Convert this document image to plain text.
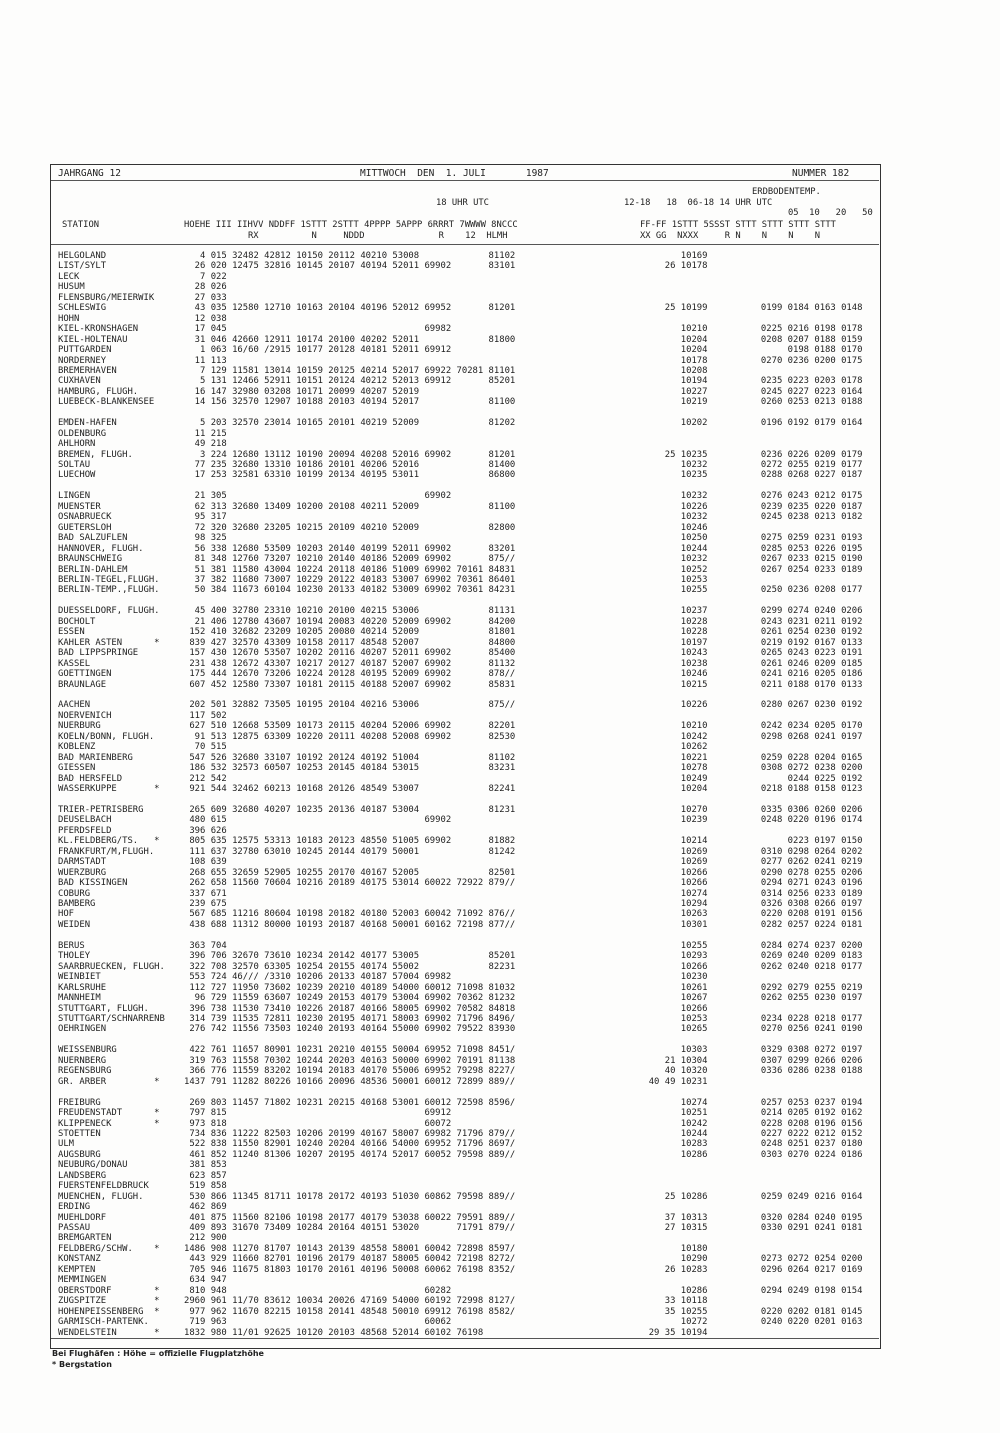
JAHRGANG 12	MITTWOCH  DEN  1. JULI       1987	NUMMER 182
ERDBODENTEMP.
18 UHR UTC	12-18   18  06-18 14 UHR UTC
05  10   20   50
STATION	HOEHE III IIHVV NDDFF 1STTT 2STTT 4PPPP 5APPP 6RRRT 7WWWW 8NCCC	FF-FF 1STTT 5SSST STTT STTT STTT STTT
RX          N     NDDD              R    12  HLMH	XX GG  NXXX     R N    N    N    N
HELGOLAND	4 015 32482 42812 10150 20112 40210 53008             81102	10169
LIST/SYLT	26 020 12475 32816 10145 20107 40194 52011 69902       83101	26 10178
LECK	7 022
HUSUM	28 026
FLENSBURG/MEIERWIK	27 033
SCHLESWIG	43 035 12580 12710 10163 20104 40196 52012 69952       81201	25 10199          0199 0184 0163 0148
HOHN	12 038
KIEL-KRONSHAGEN	17 045                                     69982	10210          0225 0216 0198 0178
KIEL-HOLTENAU	31 046 42660 12911 10174 20100 40202 52011             81800	10204          0208 0207 0188 0159
PUTTGARDEN	1 063 16/60 /2915 10177 20128 40181 52011 69912	10204               0198 0188 0170
NORDERNEY	11 113	10178          0270 0236 0200 0175
BREMERHAVEN	7 129 11581 13014 10159 20125 40214 52017 69922 70281 81101	10208
CUXHAVEN	5 131 12466 52911 10151 20124 40212 52013 69912       85201	10194          0235 0223 0203 0178
HAMBURG, FLUGH.	16 147 32980 03208 10171 20099 40207 52019	10227          0245 0227 0223 0164
LUEBECK-BLANKENSEE	14 156 32570 12907 10188 20103 40194 52017             81100	10219          0260 0253 0213 0188
EMDEN-HAFEN	5 203 32570 23014 10165 20101 40219 52009             81202	10202          0196 0192 0179 0164
OLDENBURG	11 215
AHLHORN	49 218
BREMEN, FLUGH.	3 224 12680 13112 10190 20094 40208 52016 69902       81201	25 10235          0236 0226 0209 0179
SOLTAU	77 235 32680 13310 10186 20101 40206 52016             81400	10232          0272 0255 0219 0177
LUECHOW	17 253 32581 63310 10199 20134 40195 53011             86800	10235          0288 0268 0227 0187
LINGEN	21 305                                     69902	10232          0276 0243 0212 0175
MUENSTER	62 313 32680 13409 10200 20108 40211 52009             81100	10226          0239 0235 0220 0187
OSNABRUECK	95 317	10232          0245 0238 0213 0182
GUETERSLOH	72 320 32680 23205 10215 20109 40210 52009             82800	10246
BAD SALZUFLEN	98 325	10250          0275 0259 0231 0193
HANNOVER, FLUGH.	56 338 12680 53509 10203 20140 40199 52011 69902       83201	10244          0285 0253 0226 0195
BRAUNSCHWEIG	81 348 12760 73207 10210 20140 40186 52009 69902       875//	10232          0267 0233 0215 0190
BERLIN-DAHLEM	51 381 11580 43004 10224 20118 40186 51009 69902 70161 84831	10252          0267 0254 0233 0189
BERLIN-TEGEL,FLUGH.	37 382 11680 73007 10229 20122 40183 53007 69902 70361 86401	10253
BERLIN-TEMP.,FLUGH.	50 384 11673 60104 10230 20133 40182 53009 69902 70361 84231	10255          0250 0236 0208 0177
DUESSELDORF, FLUGH.	45 400 32780 23310 10210 20100 40215 53006             81131	10237          0299 0274 0240 0206
BOCHOLT	21 406 12780 43607 10194 20083 40220 52009 69902       84200	10228          0243 0231 0211 0192
ESSEN	152 410 32682 23209 10205 20080 40214 52009             81801	10228          0261 0254 0230 0192
KAHLER ASTEN      *	839 427 32570 43309 10158 20117 48548 52007             84800	10197          0219 0192 0167 0133
BAD LIPPSPRINGE	157 430 12670 53507 10202 20116 40207 52011 69902       85400	10243          0265 0243 0223 0191
KASSEL	231 438 12672 43307 10217 20127 40187 52007 69902       81132	10238          0261 0246 0209 0185
GOETTINGEN	175 444 12670 73206 10224 20128 40195 52009 69902       878//	10246          0241 0216 0205 0186
BRAUNLAGE	607 452 12580 73307 10181 20115 40188 52007 69902       85831	10215          0211 0188 0170 0133
AACHEN	202 501 32882 73505 10195 20104 40216 53006             875//	10226          0280 0267 0230 0192
NOERVENICH	117 502
NUERBURG	627 510 12668 53509 10173 20115 40204 52006 69902       82201	10210          0242 0234 0205 0170
KOELN/BONN, FLUGH.	91 513 12875 63309 10220 20111 40208 52008 69902       82530	10242          0298 0268 0241 0197
KOBLENZ	70 515	10262
BAD MARIENBERG	547 526 32680 33107 10192 20124 40192 51004             81102	10221          0259 0228 0204 0165
GIESSEN	186 532 32573 60507 10253 20145 40184 53015             83231	10278          0308 0272 0238 0200
BAD HERSFELD	212 542	10249               0244 0225 0192
WASSERKUPPE       *	921 544 32462 60213 10168 20126 48549 53007             82241	10204          0218 0188 0158 0123
TRIER-PETRISBERG	265 609 32680 40207 10235 20136 40187 53004             81231	10270          0335 0306 0260 0206
DEUSELBACH	480 615                                     69902	10239          0248 0220 0196 0174
PFERDSFELD	396 626
KL.FELDBERG/TS.   *	805 635 12575 53313 10183 20123 48550 51005 69902       81882	10214               0223 0197 0150
FRANKFURT/M,FLUGH.	111 637 32780 63010 10245 20144 40179 50001             81242	10269          0310 0298 0264 0202
DARMSTADT	108 639	10269          0277 0262 0241 0219
WUERZBURG	268 655 32659 52905 10255 20170 40167 52005             82501	10266          0290 0278 0255 0206
BAD KISSINGEN	262 658 11560 70604 10216 20189 40175 53014 60022 72922 879//	10266          0294 0271 0243 0196
COBURG	337 671	10274          0314 0256 0233 0189
BAMBERG	239 675	10294          0326 0308 0266 0197
HOF	567 685 11216 80604 10198 20182 40180 52003 60042 71092 876//	10263          0220 0208 0191 0156
WEIDEN	438 688 11312 80000 10193 20187 40168 50001 60162 72198 877//	10301          0282 0257 0224 0181
BERUS	363 704	10255          0284 0274 0237 0200
THOLEY	396 706 32670 73610 10234 20142 40177 53005             85201	10293          0269 0240 0209 0183
SAARBRUECKEN, FLUGH. 322 708 32570 63305 10254 20155 40174 55002             82231	10266          0262 0240 0218 0177
WEINBIET	553 724 46/// /3310 10206 20133 40187 57004 69982	10230
KARLSRUHE	112 727 11950 73602 10239 20210 40189 54000 60012 71098 81032	10261          0292 0279 0255 0219
MANNHEIM	96 729 11559 63607 10249 20153 40179 53004 69902 70362 81232	10267          0262 0255 0230 0197
STUTTGART, FLUGH.	396 738 11530 73410 10226 20187 40166 58005 69902 70582 84818	10266
STUTTGART/SCHNARRENB 314 739 11535 72811 10230 20195 40171 58003 69902 71796 8496/	10253          0234 0228 0218 0177
OEHRINGEN	276 742 11556 73503 10240 20193 40164 55000 69902 79522 83930	10265          0270 0256 0241 0190
WEISSENBURG	422 761 11657 80901 10231 20210 40155 50004 69952 71098 8451/	10303          0329 0308 0272 0197
NUERNBERG	319 763 11558 70302 10244 20203 40163 50000 69902 70191 81138	21 10304          0307 0299 0266 0206
REGENSBURG	366 776 11559 83202 10194 20183 40170 55006 69952 79298 8227/	40 10320          0336 0286 0238 0188
GR. ARBER         *	1437 791 11282 80226 10166 20096 48536 50001 60012 72899 889//	40 49 10231
FREIBURG	269 803 11457 71802 10231 20215 40168 53001 60012 72598 8596/	10274          0257 0253 0237 0194
FREUDENSTADT      *	797 815                                     69912	10251          0214 0205 0192 0162
KLIPPENECK        *	973 818                                     60072	10242          0228 0208 0196 0156
STOETTEN	734 836 11222 82503 10206 20199 40167 58007 69982 71796 879//	10244          0227 0222 0212 0152
ULM	522 838 11550 82901 10240 20204 40166 54000 69952 71796 8697/	10283          0248 0251 0237 0180
AUGSBURG	461 852 11240 81306 10207 20195 40174 52017 60052 79598 889//	10286          0303 0270 0224 0186
NEUBURG/DONAU	381 853
LANDSBERG	623 857
FUERSTENFELDBRUCK	519 858
MUENCHEN, FLUGH.	530 866 11345 81711 10178 20172 40193 51030 60862 79598 889//	25 10286          0259 0249 0216 0164
ERDING	462 869
MUEHLDORF	401 875 11560 82106 10198 20177 40179 53038 60022 79591 889//	37 10313          0320 0284 0240 0195
PASSAU	409 893 31670 73409 10284 20164 40151 53020       71791 879//	27 10315          0330 0291 0241 0181
BREMGARTEN	212 900
FELDBERG/SCHW.    *	1486 908 11270 81707 10143 20139 48558 58001 60042 72898 8597/	10180
KONSTANZ	443 929 11660 82701 10196 20179 40187 58005 60042 72198 8272/	10290          0273 0272 0254 0200
KEMPTEN	705 946 11675 81803 10170 20161 40196 50008 60062 76198 8352/	26 10283          0296 0264 0217 0169
MEMMINGEN	634 947
OBERSTDORF        *	810 948                                     60282	10286          0294 0249 0198 0154
ZUGSPITZE         *	2960 961 11/70 83612 10034 20026 47169 54000 60192 72998 8127/	33 10118
HOHENPEISSENBERG  *	977 962 11670 82215 10158 20141 48548 50010 69912 76198 8582/	35 10255          0220 0202 0181 0145
GARMISCH-PARTENK.	719 963                                     60062	10272          0240 0220 0201 0163
WENDELSTEIN       *	1832 980 11/01 92625 10120 20103 48568 52014 60102 76198	29 35 10194
Bei Flughäfen : Höhe = offizielle Flugplatzhöhe
* Bergstation
